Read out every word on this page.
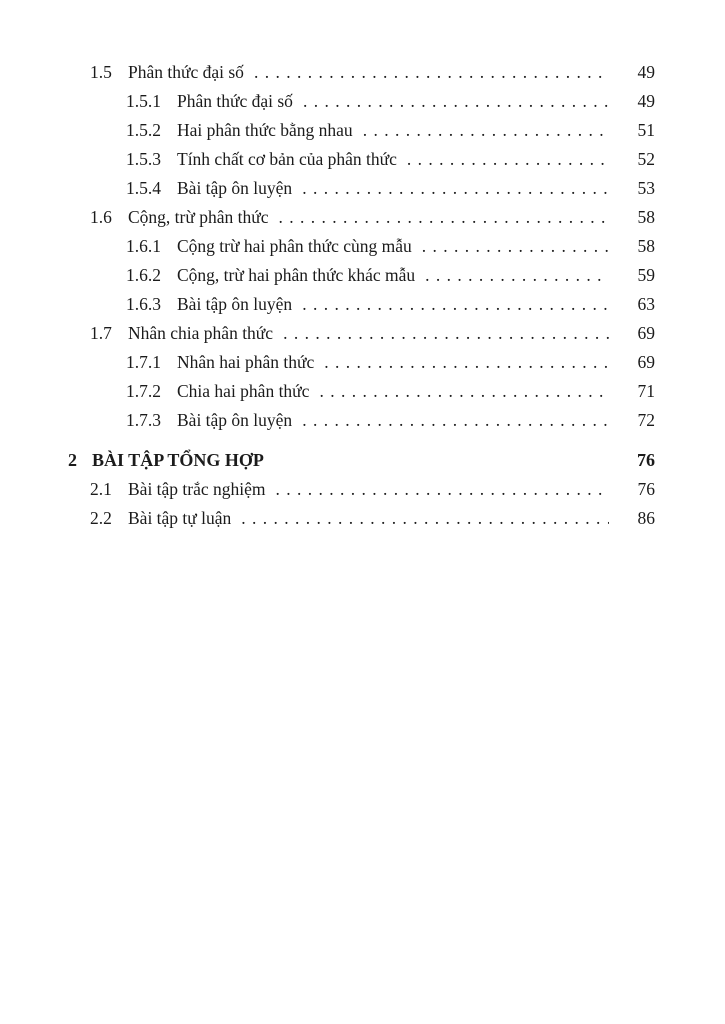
1.5 Phân thức đại số . . .	49
1.5.1 Phân thức đại số . . .	49
1.5.2 Hai phân thức bằng nhau . . .	51
1.5.3 Tính chất cơ bản của phân thức . . .	52
1.5.4 Bài tập ôn luyện . . .	53
1.6 Cộng, trừ phân thức . . .	58
1.6.1 Cộng trừ hai phân thức cùng mẫu . . .	58
1.6.2 Cộng, trừ hai phân thức khác mẫu . . .	59
1.6.3 Bài tập ôn luyện . . .	63
1.7 Nhân chia phân thức . . .	69
1.7.1 Nhân hai phân thức . . .	69
1.7.2 Chia hai phân thức . . .	71
1.7.3 Bài tập ôn luyện . . .	72
2 BÀI TẬP TỔNG HỢP	76
2.1 Bài tập trắc nghiệm . . .	76
2.2 Bài tập tự luận . . .	86
